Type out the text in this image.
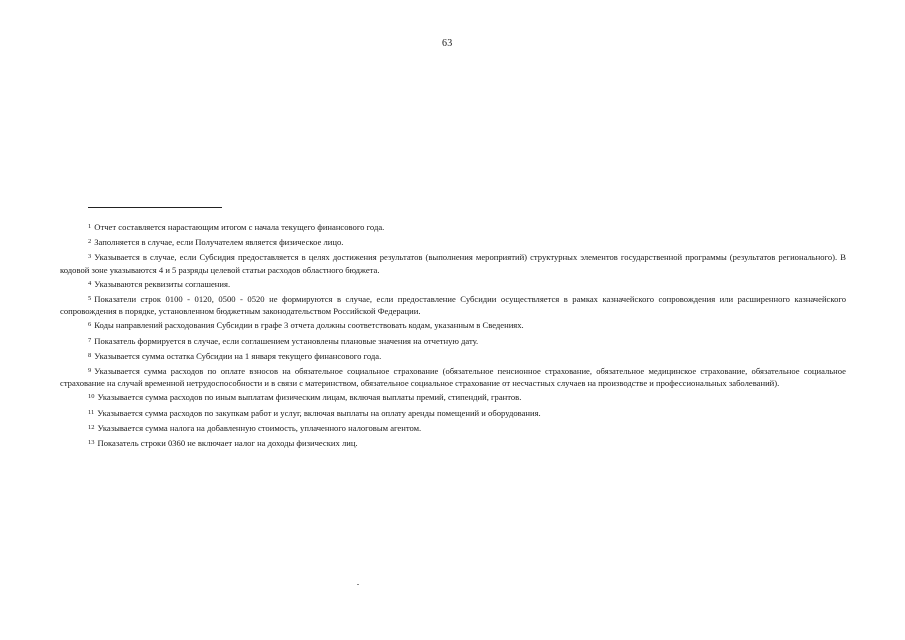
63

$^1$ Отчет составляется нарастающим итогом с начала текущего финансового года.

$^2$ Заполняется в случае, если Получателем является физическое лицо.

$^3$ Указывается в случае, если Субсидия предоставляется в целях достижения результатов (выполнения мероприятий) структурных элементов государственной программы (результатов регионального). В кодовой зоне указываются 4 и 5 разряды целевой статьи расходов областного бюджета.

$^4$ Указываются реквизиты соглашения.

$^5$ Показатели строк 0100 - 0120, 0500 - 0520 не формируются в случае, если предоставление Субсидии осуществляется в рамках казначейского сопровождения или расширенного казначейского сопровождения в порядке, установленном бюджетным законодательством Российской Федерации.

$^6$ Коды направлений расходования Субсидии в графе 3 отчета должны соответствовать кодам, указанным в Сведениях.

$^7$ Показатель формируется в случае, если соглашением установлены плановые значения на отчетную дату.

$^8$ Указывается сумма остатка Субсидии на 1 января текущего финансового года.

$^9$ Указывается сумма расходов по оплате взносов на обязательное социальное страхование (обязательное пенсионное страхование, обязательное медицинское страхование, обязательное социальное страхование на случай временной нетрудоспособности и в связи с материнством, обязательное социальное страхование от несчастных случаев на производстве и профессиональных заболеваний).

$^{10}$ Указывается сумма расходов по иным выплатам физическим лицам, включая выплаты премий, стипендий, грантов.

$^{11}$ Указывается сумма расходов по закупкам работ и услуг, включая выплаты на оплату аренды помещений и оборудования.

$^{12}$ Указывается сумма налога на добавленную стоимость, уплаченного налоговым агентом.

$^{13}$ Показатель строки 0360 не включает налог на доходы физических лиц.
